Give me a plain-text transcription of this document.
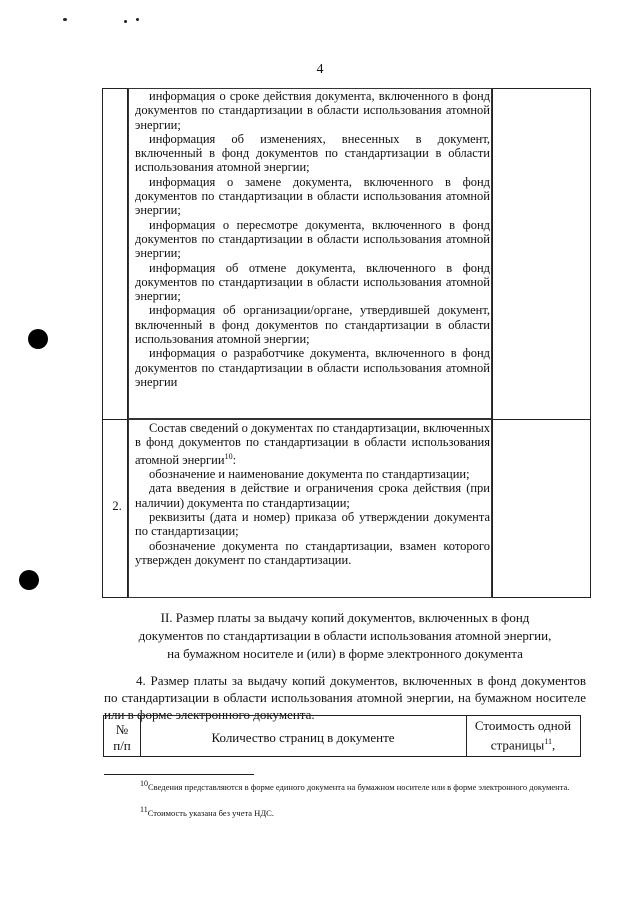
4

информация о сроке действия документа, включенного в фонд документов по стандартизации в области использования атомной энергии;

информация об изменениях, внесенных в документ, включенный в фонд документов по стандартизации в области использования атомной энергии;

информация о замене документа, включенного в фонд документов по стандартизации в области использования атомной энергии;

информация о пересмотре документа, включенного в фонд документов по стандартизации в области использования атомной энергии;

информация об отмене документа, включенного в фонд документов по стандартизации в области использования атомной энергии;

информация об организации/органе, утвердившей документ, включенный в фонд документов по стандартизации в области использования атомной энергии;

информация о разработчике документа, включенного в фонд документов по стандартизации в области использования атомной энергии

2.

Состав сведений о документах по стандартизации, включенных в фонд документов по стандартизации в области использования атомной энергии$^{10}$:

обозначение и наименование документа по стандартизации;

дата введения в действие и ограничения срока действия (при наличии) документа по стандартизации;

реквизиты (дата и номер) приказа об утверждении документа по стандартизации;

обозначение документа по стандартизации, взамен которого утвержден документ по стандартизации.

II. Размер платы за выдачу копий документов, включенных в фонд
документов по стандартизации в области использования атомной энергии,
на бумажном носителе и (или) в форме электронного документа

4. Размер платы за выдачу копий документов, включенных в фонд документов по стандартизации в области использования атомной энергии, на бумажном носителе или в форме электронного документа.

№
п/п
Количество страниц в документе
Стоимость одной
страницы$^{11}$,

$^{10}$Сведения представляются в форме единого документа на бумажном носителе или в форме электронного документа.

$^{11}$Стоимость указана без учета НДС.
